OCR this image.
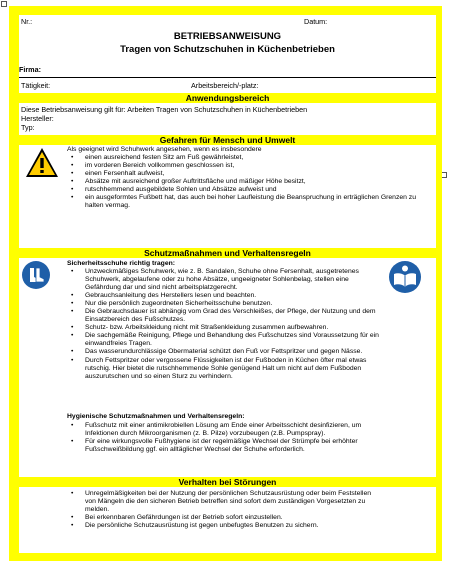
Nr.:	Datum:
BETRIEBSANWEISUNG
Tragen von Schutzschuhen in Küchenbetrieben
Firma:
Tätigkeit:	Arbeitsbereich/-platz:
Anwendungsbereich
Diese Betriebsanweisung gilt für: Arbeiten Tragen von Schutzschuhen in Küchenbetrieben
Hersteller:
Typ:
Gefahren für Mensch und Umwelt
Als geeignet wird Schuhwerk angesehen, wenn es insbesondere
• einen ausreichend festen Sitz am Fuß gewährleistet,
• im vorderen Bereich vollkommen geschlossen ist,
• einen Fersenhalt aufweist,
• Absätze mit ausreichend großer Auftrittsfläche und mäßiger Höhe besitzt,
• rutschhemmend ausgebildete Sohlen und Absätze aufweist und
• ein ausgeformtes Fußbett hat, das auch bei hoher Laufleistung die Beanspruchung in erträglichen Grenzen zu halten vermag.
Schutzmaßnahmen und Verhaltensregeln
Sicherheitsschuhe richtig tragen:
• Unzweckmäßiges Schuhwerk, wie z. B. Sandalen, Schuhe ohne Fersenhalt, ausgetretenes Schuhwerk, abgelaufene oder zu hohe Absätze, ungeeigneter Sohlenbelag, stellen eine Gefährdung dar und sind nicht arbeitsplatzgerecht.
• Gebrauchsanleitung des Herstellers lesen und beachten.
• Nur die persönlich zugeordneten Sicherheitsschuhe benutzen.
• Die Gebrauchsdauer ist abhängig vom Grad des Verschleißes, der Pflege, der Nutzung und dem Einsatzbereich des Fußschutzes.
• Schutz- bzw. Arbeitskleidung nicht mit Straßenkleidung zusammen aufbewahren.
• Die sachgemäße Reinigung, Pflege und Behandlung des Fußschutzes sind Voraussetzung für ein einwandfreies Tragen.
• Das wasserundurchlässige Obermaterial schützt den Fuß vor Fettspritzer und gegen Nässe.
• Durch Fettspritzer oder vergossene Flüssigkeiten ist der Fußboden in Küchen öfter mal etwas rutschig. Hier bietet die rutschhemmende Sohle genügend Halt um nicht auf dem Fußboden auszurutschen und so einen Sturz zu verhindern.
Hygienische Schutzmaßnahmen und Verhaltensregeln:
• Fußschutz mit einer antimikrobiellen Lösung am Ende einer Arbeitsschicht desinfizieren, um Infektionen durch Mikroorganismen (z. B. Pilze) vorzubeugen (z.B. Pumpspray).
• Für eine wirkungsvolle Fußhygiene ist der regelmäßige Wechsel der Strümpfe bei erhöhter Fußschweißbildung ggf. ein alltäglicher Wechsel der Schuhe erforderlich.
Verhalten bei Störungen
• Unregelmäßigkeiten bei der Nutzung der persönlichen Schutzausrüstung oder beim Feststellen von Mängeln die den sicheren Betrieb betreffen sind sofort dem zuständigen Vorgesetzten zu melden.
• Bei erkennbaren Gefährdungen ist der Betrieb sofort einzustellen.
• Die persönliche Schutzausrüstung ist gegen unbefugtes Benutzen zu sichern.
